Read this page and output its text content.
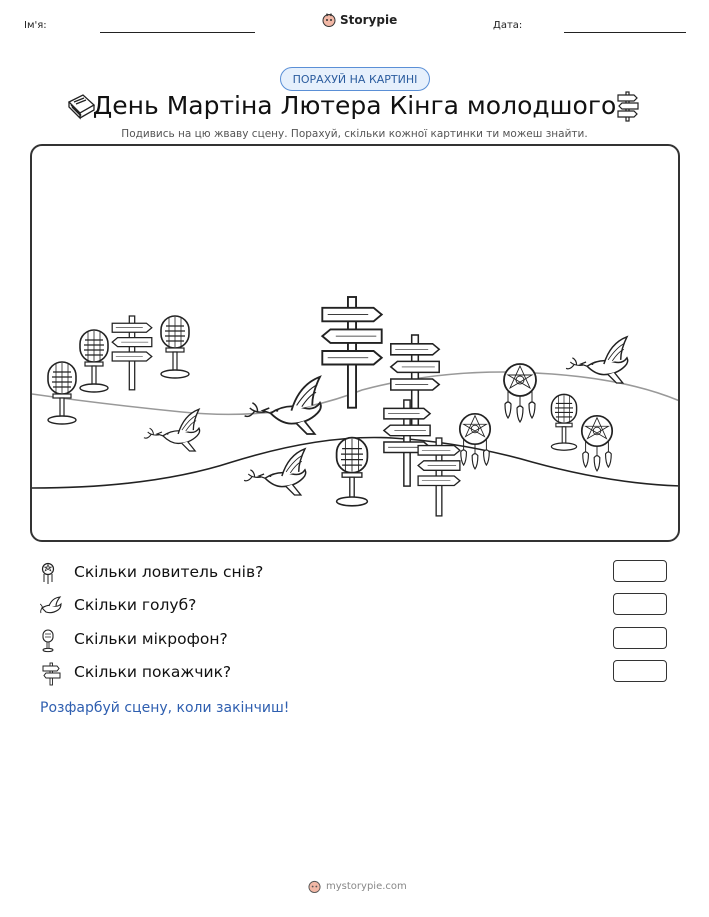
Ім'я:	Storypie	Дата:
ПОРАХУЙ НА КАРТИНІ
День Мартіна Лютера Кінга молодшого
Подивись на цю жваву сцену. Порахуй, скільки кожної картинки ти можеш знайти.
Скільки ловитель снів?
Скільки голуб?
Скільки мікрофон?
Скільки покажчик?
Розфарбуй сцену, коли закінчиш!
mystorypie.com
